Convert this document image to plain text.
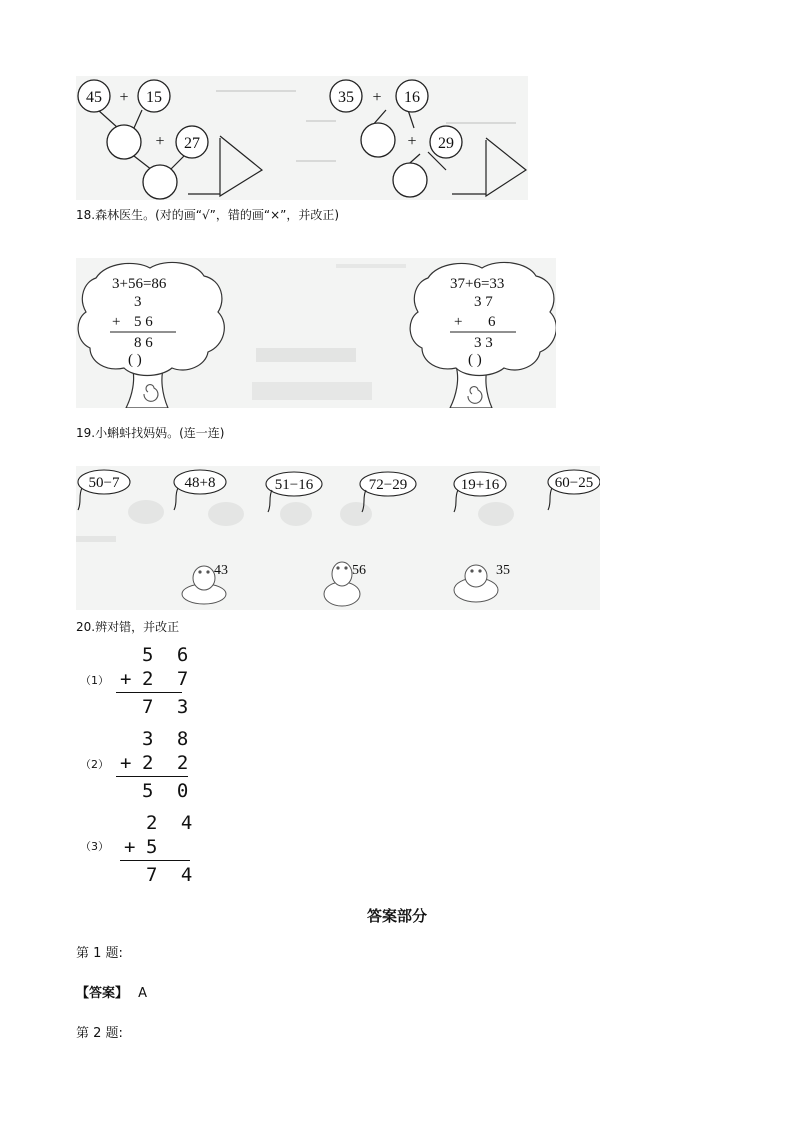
45 + 15
+ 27
35 + 16
+ 29
18.森林医生。(对的画“√”，错的画“×”，并改正)
3+56=86
3
+ 5 6
8 6
( )
37+6=33
3 7
+ 6
3 3
( )
19.小蝌蚪找妈妈。(连一连)
50−7	48+8	51−16	72−29	19+16	60−25
43	56	35
20.辨对错，并改正
（1）
5 6
+ 2 7
7 3
（2）
3 8
+ 2 2
5 0
（3）
2 4
+ 5
7 4
答案部分
第 1 题:
【答案】 A
第 2 题:
